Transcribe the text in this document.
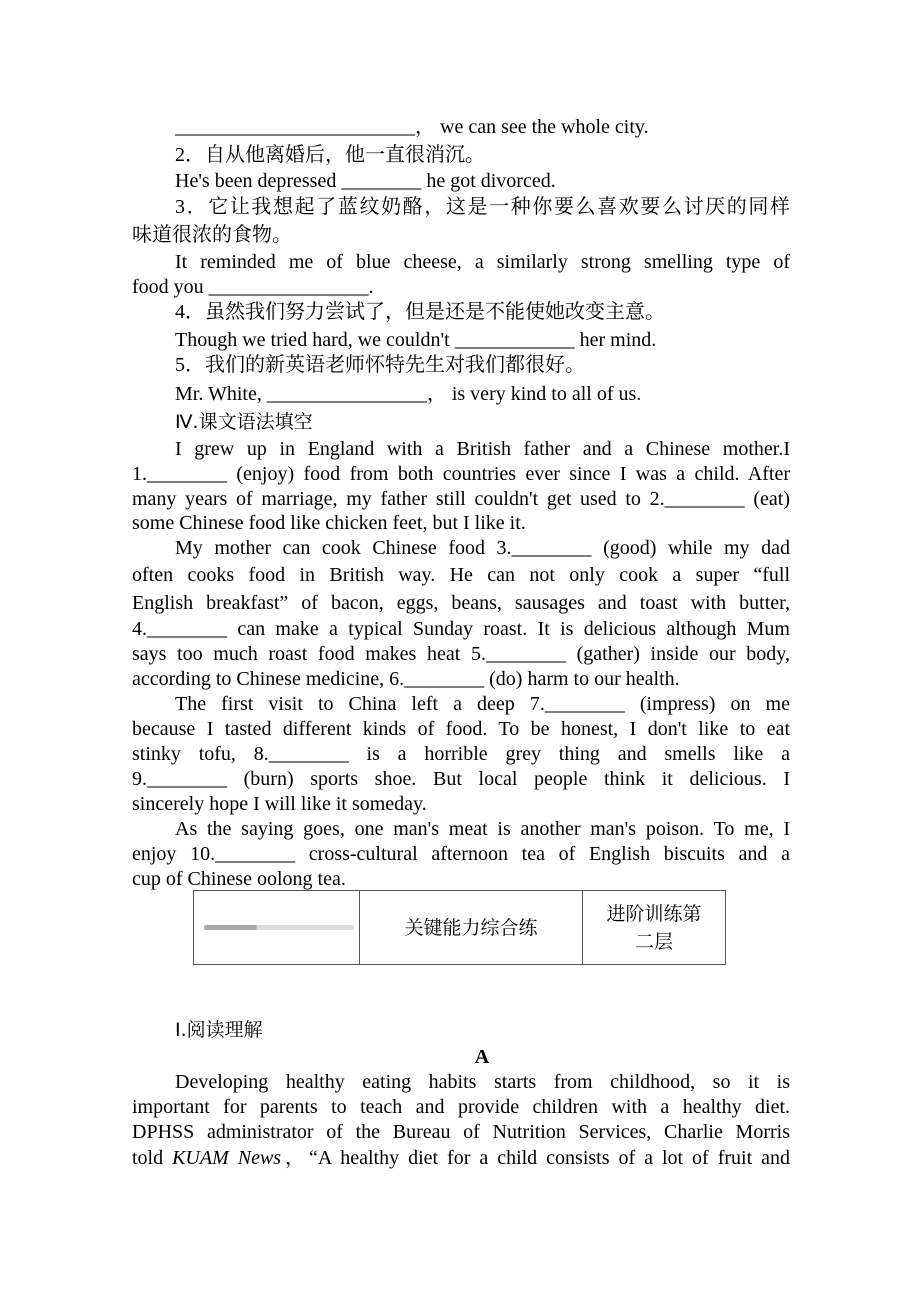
________________________， we can see the whole city.
2．自从他离婚后，他一直很消沉。
He's been depressed ________ he got divorced.
3．它让我想起了蓝纹奶酪，这是一种你要么喜欢要么讨厌的同样
味道很浓的食物。
It reminded me of blue cheese, a similarly strong smelling type of
food you ________________.
4．虽然我们努力尝试了，但是还是不能使她改变主意。
Though we tried hard, we couldn't ____________ her mind.
5．我们的新英语老师怀特先生对我们都很好。
Mr. White, ________________， is very kind to all of us.
Ⅳ.课文语法填空
I grew up in England with a British father and a Chinese mother.I
1.________ (enjoy) food from both countries ever since I was a child. After
many years of marriage, my father still couldn't get used to 2.________ (eat)
some Chinese food like chicken feet, but I like it.
My mother can cook Chinese food 3.________ (good) while my dad
often cooks food in British way. He can not only cook a super “full
English breakfast” of bacon, eggs, beans, sausages and toast with butter,
4.________ can make a typical Sunday roast. It is delicious although Mum
says too much roast food makes heat 5.________ (gather) inside our body,
according to Chinese medicine, 6.________ (do) harm to our health.
The first visit to China left a deep 7.________ (impress) on me
because I tasted different kinds of food. To be honest, I don't like to eat
stinky tofu, 8.________ is a horrible grey thing and smells like a
9.________ (burn) sports shoe. But local people think it delicious. I
sincerely hope I will like it someday.
As the saying goes, one man's meat is another man's poison. To me, I
enjoy 10.________ cross-cultural afternoon tea of English biscuits and a
cup of Chinese oolong tea.
Ⅰ.阅读理解
A
Developing healthy eating habits starts from childhood, so it is
important for parents to teach and provide children with a healthy diet.
DPHSS administrator of the Bureau of Nutrition Services, Charlie Morris
told KUAM News，“A healthy diet for a child consists of a lot of fruit and
关键能力综合练
进阶训练第
二层
